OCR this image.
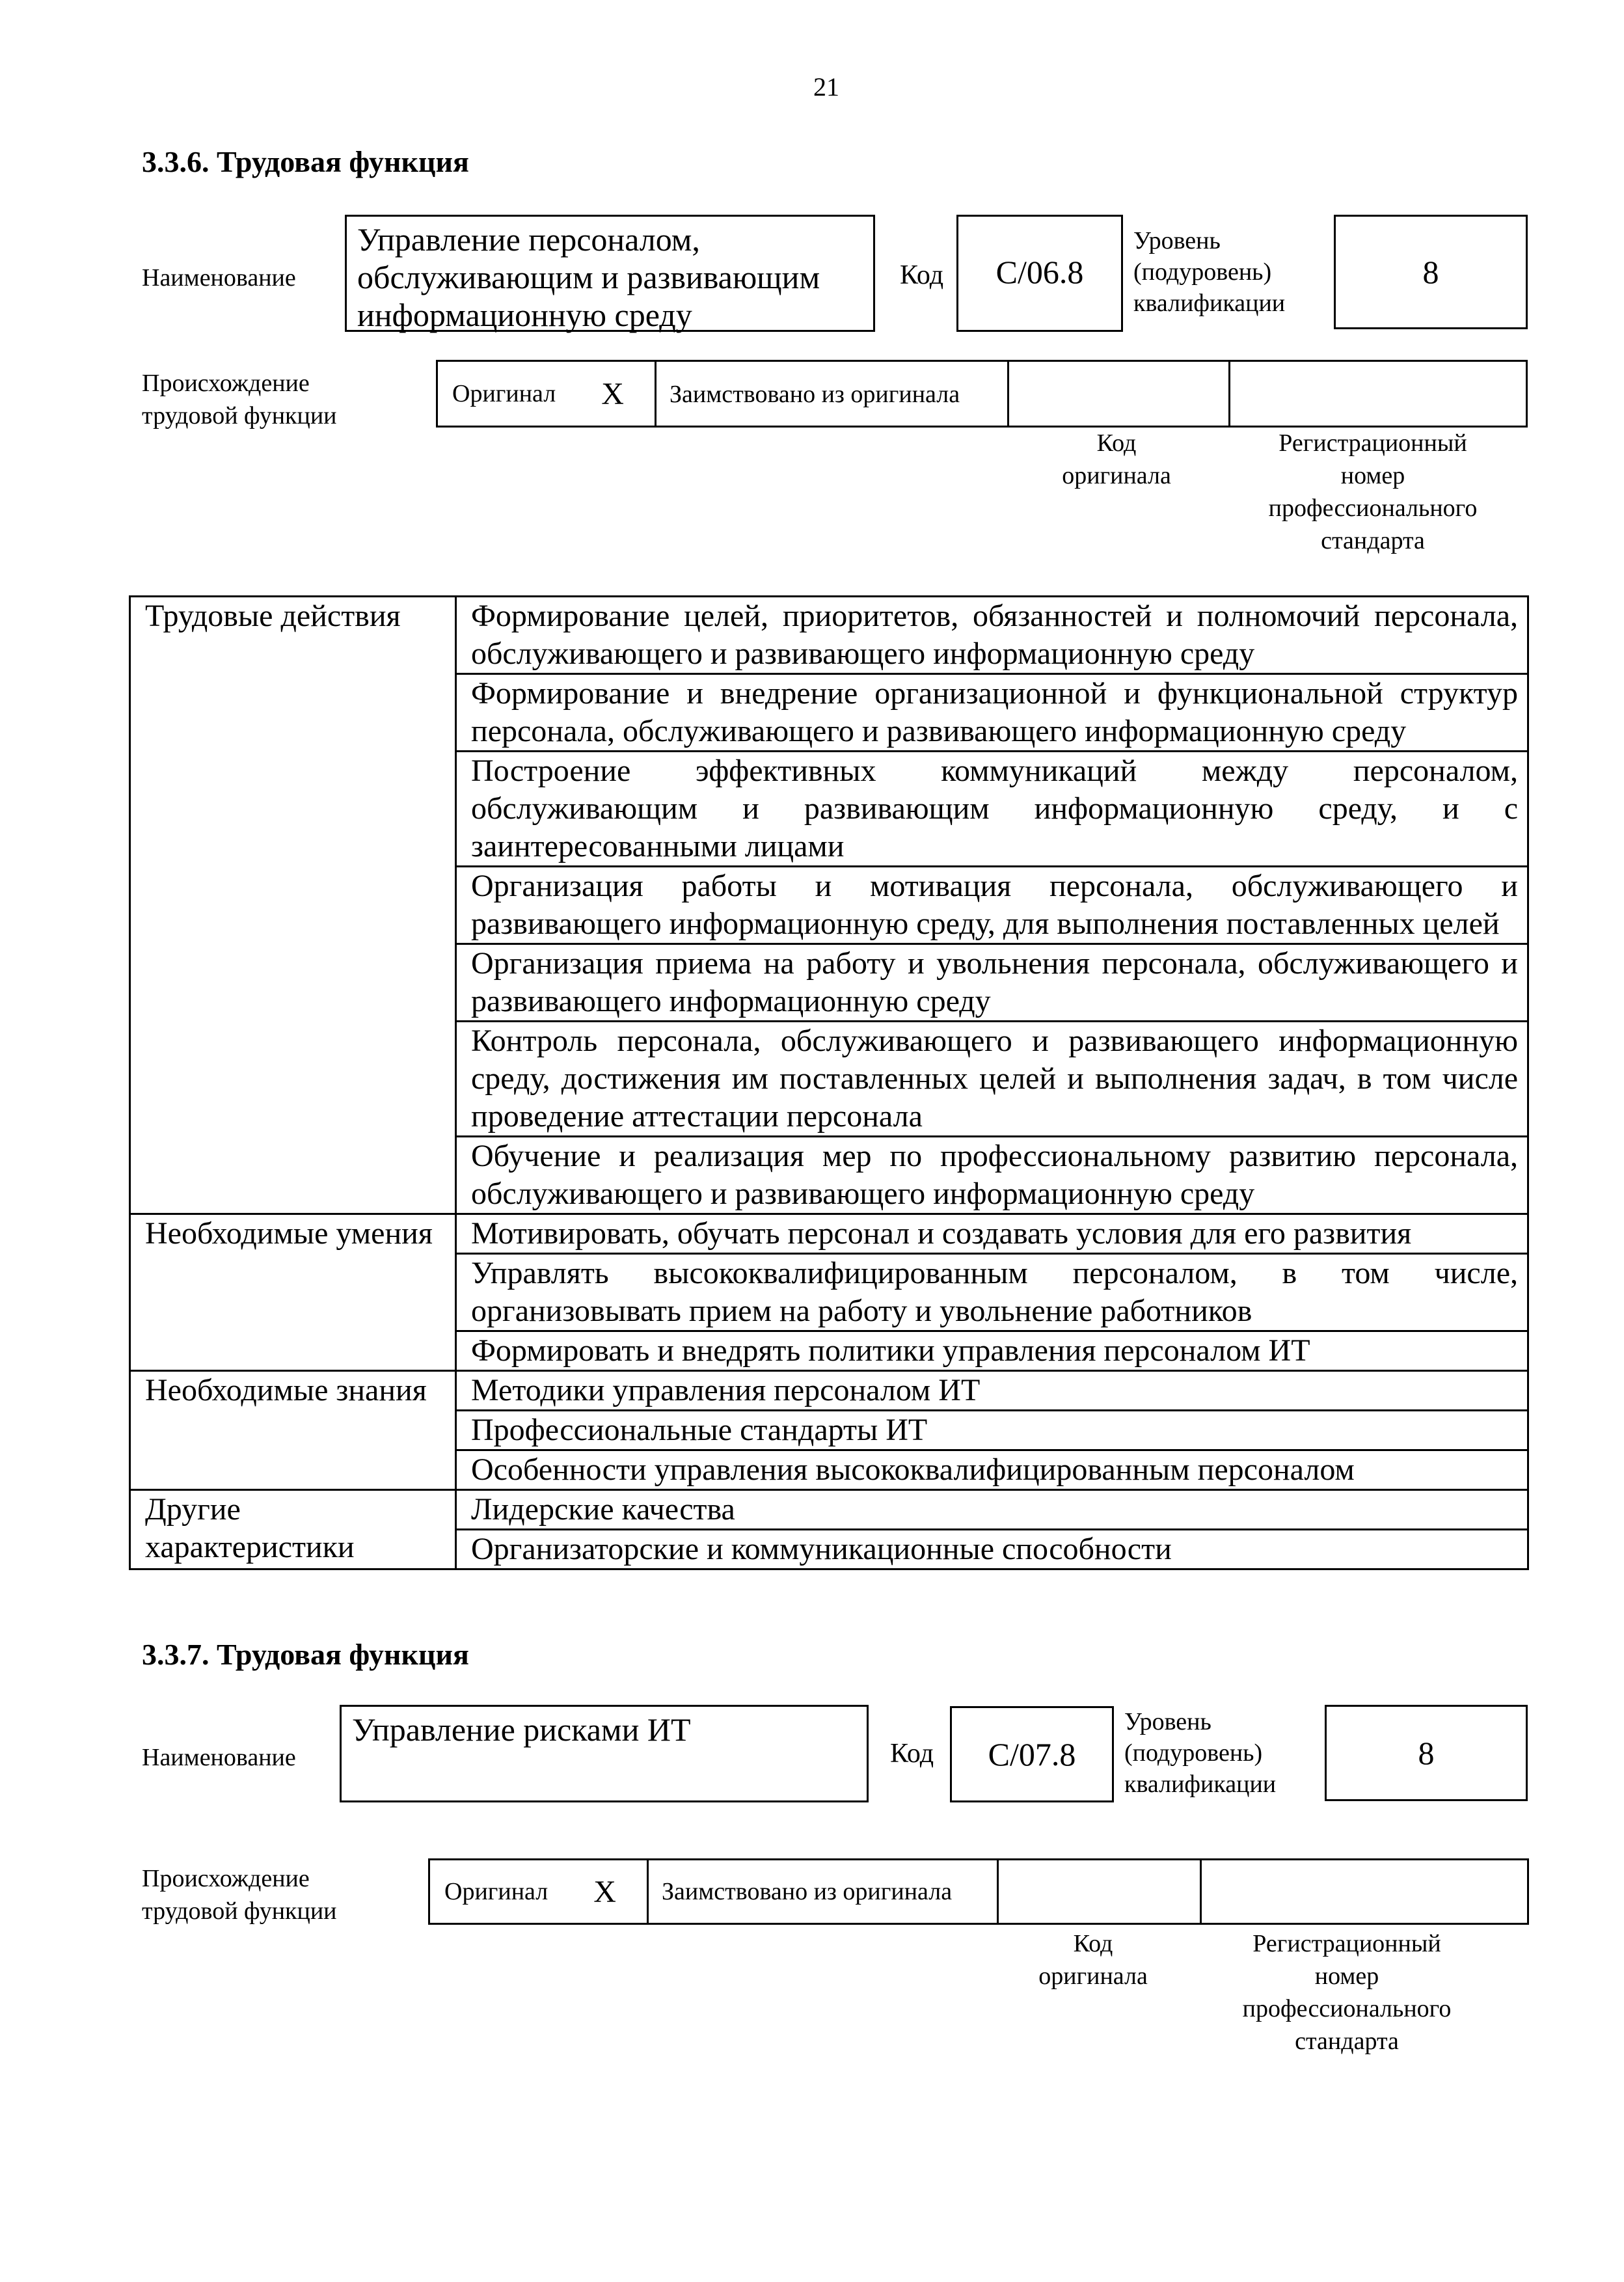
21
3.3.6. Трудовая функция
Наименование
Управление персоналом, обслуживающим и развивающим информационную среду
Код C/06.8
Уровень
(подуровень)
квалификации
8
Происхождение
трудовой функции
Оригинал X Заимствовано из оригинала
Код
оригинала
Регистрационный
номер
профессионального
стандарта
Трудовые действия	Формирование целей, приоритетов, обязанностей и полномочий персонала, обслуживающего и развивающего информационную среду
	Формирование и внедрение организационной и функциональной структур персонала, обслуживающего и развивающего информационную среду
	Построение эффективных коммуникаций между персоналом, обслуживающим и развивающим информационную среду, и с заинтересованными лицами
	Организация работы и мотивация персонала, обслуживающего и развивающего информационную среду, для выполнения поставленных целей
	Организация приема на работу и увольнения персонала, обслуживающего и развивающего информационную среду
	Контроль персонала, обслуживающего и развивающего информационную среду, достижения им поставленных целей и выполнения задач, в том числе проведение аттестации персонала
	Обучение и реализация мер по профессиональному развитию персонала, обслуживающего и развивающего информационную среду
Необходимые умения	Мотивировать, обучать персонал и создавать условия для его развития
	Управлять высококвалифицированным персоналом, в том числе, организовывать прием на работу и увольнение работников
	Формировать и внедрять политики управления персоналом ИТ
Необходимые знания	Методики управления персоналом ИТ
	Профессиональные стандарты ИТ
	Особенности управления высококвалифицированным персоналом
Другие характеристики	Лидерские качества
	Организаторские и коммуникационные способности
3.3.7. Трудовая функция
Наименование
Управление рисками ИТ
Код C/07.8
Уровень
(подуровень)
квалификации
8
Происхождение
трудовой функции
Оригинал X Заимствовано из оригинала
Код
оригинала
Регистрационный
номер
профессионального
стандарта
